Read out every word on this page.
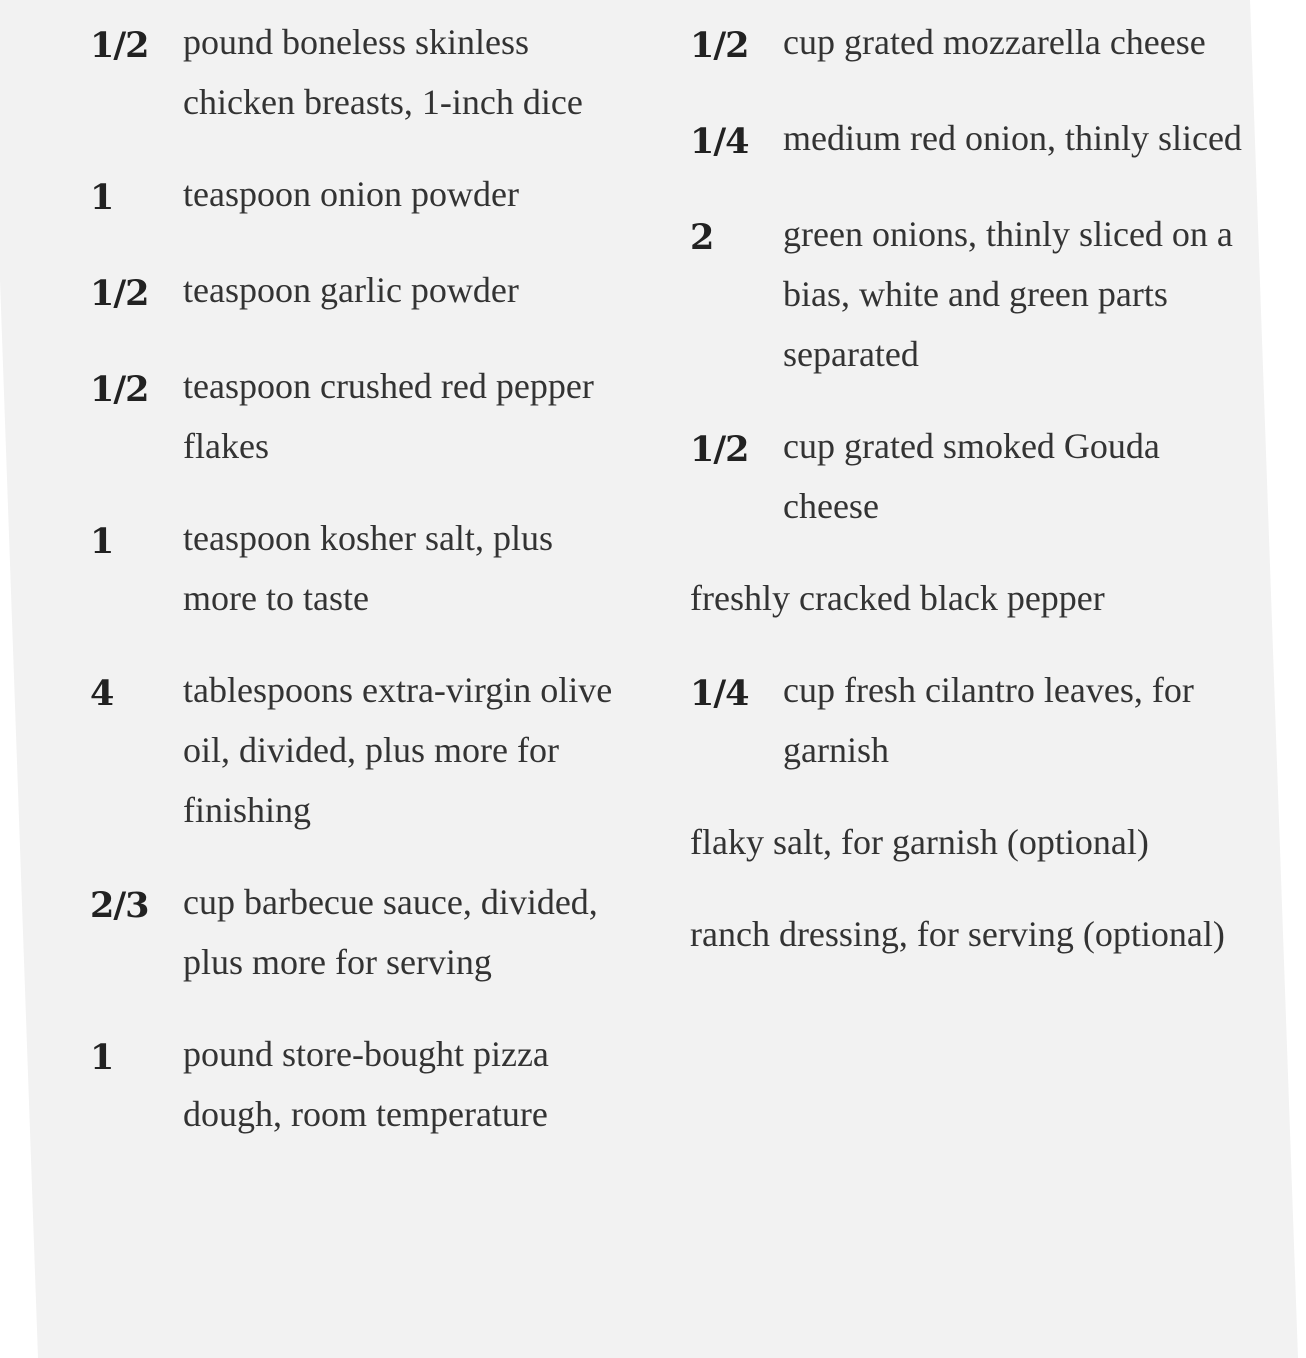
1/2 pound boneless skinless chicken breasts, 1-inch dice
1	teaspoon onion powder
1/2 teaspoon garlic powder
1/2 teaspoon crushed red pepper flakes
1	teaspoon kosher salt, plus more to taste
4	tablespoons extra-virgin olive oil, divided, plus more for finishing
2/3 cup barbecue sauce, divided, plus more for serving
1	pound store-bought pizza dough, room temperature
1/2 cup grated mozzarella cheese
1/4 medium red onion, thinly sliced
2	green onions, thinly sliced on a bias, white and green parts separated
1/2 cup grated smoked Gouda cheese
freshly cracked black pepper
1/4 cup fresh cilantro leaves, for garnish
flaky salt, for garnish (optional)
ranch dressing, for serving (optional)
